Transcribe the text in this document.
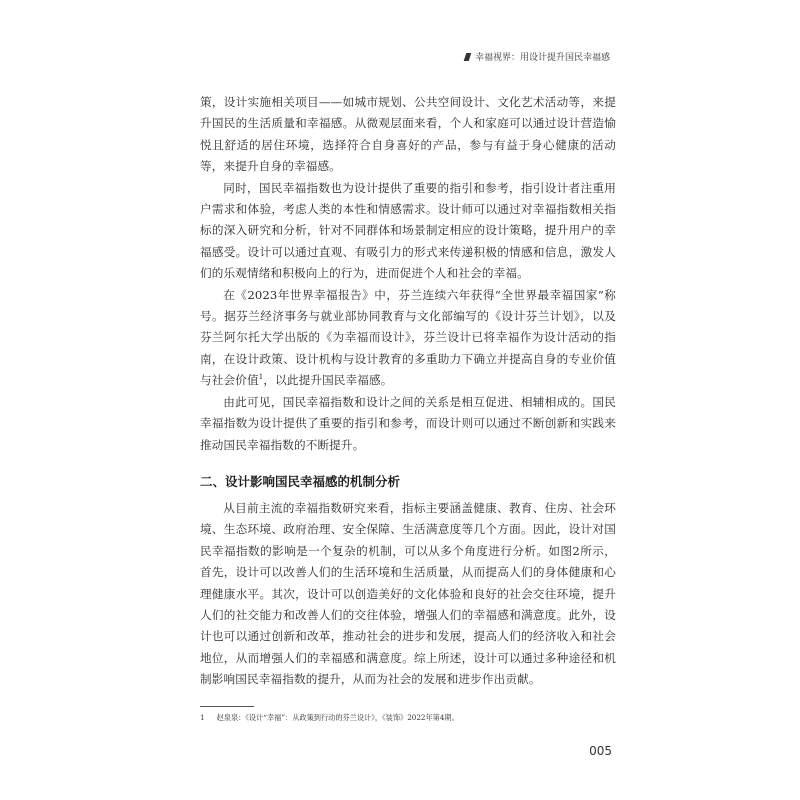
幸福视界：用设计提升国民幸福感

策，设计实施相关项目——如城市规划、公共空间设计、文化艺术活动等，来提升国民的生活质量和幸福感。从微观层面来看，个人和家庭可以通过设计营造愉悦且舒适的居住环境，选择符合自身喜好的产品，参与有益于身心健康的活动等，来提升自身的幸福感。

同时，国民幸福指数也为设计提供了重要的指引和参考，指引设计者注重用户需求和体验，考虑人类的本性和情感需求。设计师可以通过对幸福指数相关指标的深入研究和分析，针对不同群体和场景制定相应的设计策略，提升用户的幸福感受。设计可以通过直观、有吸引力的形式来传递积极的情感和信息，激发人们的乐观情绪和积极向上的行为，进而促进个人和社会的幸福。

在《2023年世界幸福报告》中，芬兰连续六年获得“全世界最幸福国家”称号。据芬兰经济事务与就业部协同教育与文化部编写的《设计芬兰计划》，以及芬兰阿尔托大学出版的《为幸福而设计》，芬兰设计已将幸福作为设计活动的指南，在设计政策、设计机构与设计教育的多重助力下确立并提高自身的专业价值与社会价值$^1$，以此提升国民幸福感。

由此可见，国民幸福指数和设计之间的关系是相互促进、相辅相成的。国民幸福指数为设计提供了重要的指引和参考，而设计则可以通过不断创新和实践来推动国民幸福指数的不断提升。

二、设计影响国民幸福感的机制分析

从目前主流的幸福指数研究来看，指标主要涵盖健康、教育、住房、社会环境、生态环境、政府治理、安全保障、生活满意度等几个方面。因此，设计对国民幸福指数的影响是一个复杂的机制，可以从多个角度进行分析。如图2所示，首先，设计可以改善人们的生活环境和生活质量，从而提高人们的身体健康和心理健康水平。其次，设计可以创造美好的文化体验和良好的社会交往环境，提升人们的社交能力和改善人们的交往体验，增强人们的幸福感和满意度。此外，设计也可以通过创新和改革，推动社会的进步和发展，提高人们的经济收入和社会地位，从而增强人们的幸福感和满意度。综上所述，设计可以通过多种途径和机制影响国民幸福指数的提升，从而为社会的发展和进步作出贡献。

1 赵泉泉：《设计“幸福”：从政策到行动的芬兰设计》，《装饰》2022年第4期。
005
